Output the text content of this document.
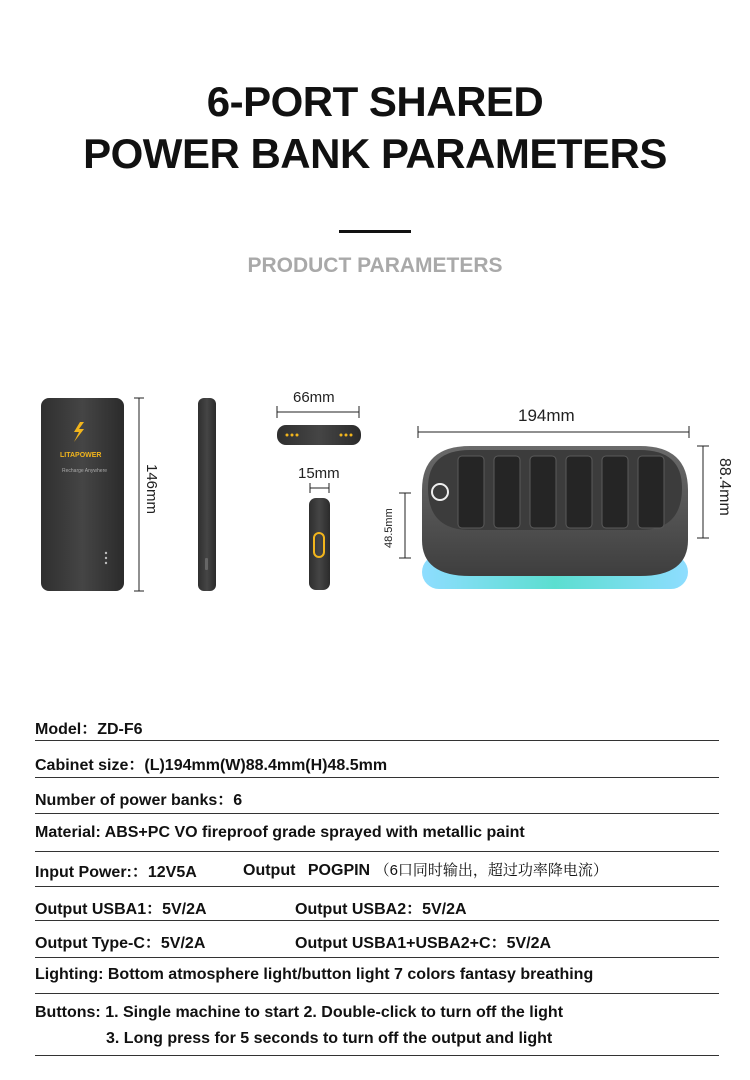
6-PORT SHARED
POWER BANK PARAMETERS
PRODUCT PARAMETERS
LITAPOWER
Recharge Anywhere
66mm
15mm
194mm
146mm	88.4mm
48.5mm
Model：ZD-F6
Cabinet size：(L)194mm(W)88.4mm(H)48.5mm
Number of power banks：6
Material: ABS+PC VO fireproof grade sprayed with metallic paint
Input Power:：12V5A	Output POGPIN （6口同时输出，超过功率降电流）
Output USBA1：5V/2A	Output USBA2：5V/2A
Output Type-C：5V/2A	Output USBA1+USBA2+C：5V/2A
Lighting: Bottom atmosphere light/button light 7 colors fantasy breathing
Buttons: 1. Single machine to start 2. Double-click to turn off the light
3. Long press for 5 seconds to turn off the output and light
